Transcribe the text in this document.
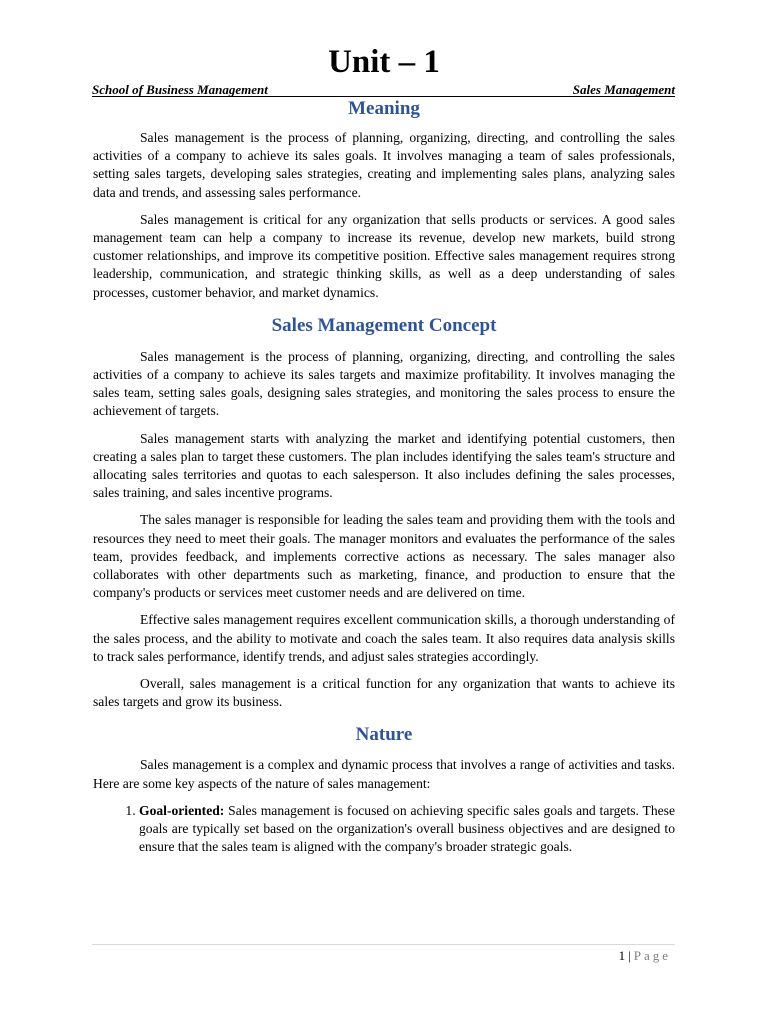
Unit – 1
School of Business Management	Sales Management
Meaning

Sales management is the process of planning, organizing, directing, and controlling the sales activities of a company to achieve its sales goals. It involves managing a team of sales professionals, setting sales targets, developing sales strategies, creating and implementing sales plans, analyzing sales data and trends, and assessing sales performance.

Sales management is critical for any organization that sells products or services. A good sales management team can help a company to increase its revenue, develop new markets, build strong customer relationships, and improve its competitive position. Effective sales management requires strong leadership, communication, and strategic thinking skills, as well as a deep understanding of sales processes, customer behavior, and market dynamics.

Sales Management Concept

Sales management is the process of planning, organizing, directing, and controlling the sales activities of a company to achieve its sales targets and maximize profitability. It involves managing the sales team, setting sales goals, designing sales strategies, and monitoring the sales process to ensure the achievement of targets.

Sales management starts with analyzing the market and identifying potential customers, then creating a sales plan to target these customers. The plan includes identifying the sales team's structure and allocating sales territories and quotas to each salesperson. It also includes defining the sales processes, sales training, and sales incentive programs.

The sales manager is responsible for leading the sales team and providing them with the tools and resources they need to meet their goals. The manager monitors and evaluates the performance of the sales team, provides feedback, and implements corrective actions as necessary. The sales manager also collaborates with other departments such as marketing, finance, and production to ensure that the company's products or services meet customer needs and are delivered on time.

Effective sales management requires excellent communication skills, a thorough understanding of the sales process, and the ability to motivate and coach the sales team. It also requires data analysis skills to track sales performance, identify trends, and adjust sales strategies accordingly.

Overall, sales management is a critical function for any organization that wants to achieve its sales targets and grow its business.

Nature

Sales management is a complex and dynamic process that involves a range of activities and tasks. Here are some key aspects of the nature of sales management:

1. Goal-oriented: Sales management is focused on achieving specific sales goals and targets. These goals are typically set based on the organization's overall business objectives and are designed to ensure that the sales team is aligned with the company's broader strategic goals.
1 | Page
